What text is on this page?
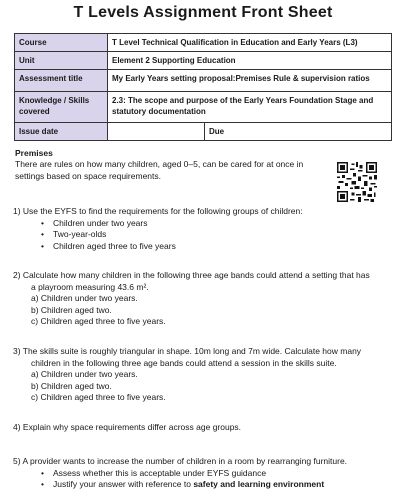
T Levels Assignment Front Sheet
Course	T Level Technical Qualification in Education and Early Years (L3)	
Unit	Element 2 Supporting Education	
Assessment title	My Early Years setting proposal:Premises Rule & supervision ratios	
Knowledge / Skills covered	2.3: The scope and purpose of the Early Years Foundation Stage and statutory documentation	
Issue date		Due
Premises
There are rules on how many children, aged 0–5, can be cared for at once in settings based on space requirements.
1) Use the EYFS to find the requirements for the following groups of children:
• Children under two years
• Two-year-olds
• Children aged three to five years
2) Calculate how many children in the following three age bands could attend a setting that has
a playroom measuring 43.6 m².
a) Children under two years.
b) Children aged two.
c) Children aged three to five years.
3) The skills suite is roughly triangular in shape. 10m long and 7m wide. Calculate how many
children in the following three age bands could attend a session in the skills suite.
a) Children under two years.
b) Children aged two.
c) Children aged three to five years.
4) Explain why space requirements differ across age groups.
5) A provider wants to increase the number of children in a room by rearranging furniture.
• Assess whether this is acceptable under EYFS guidance
• Justify your answer with reference to safety and learning environment
